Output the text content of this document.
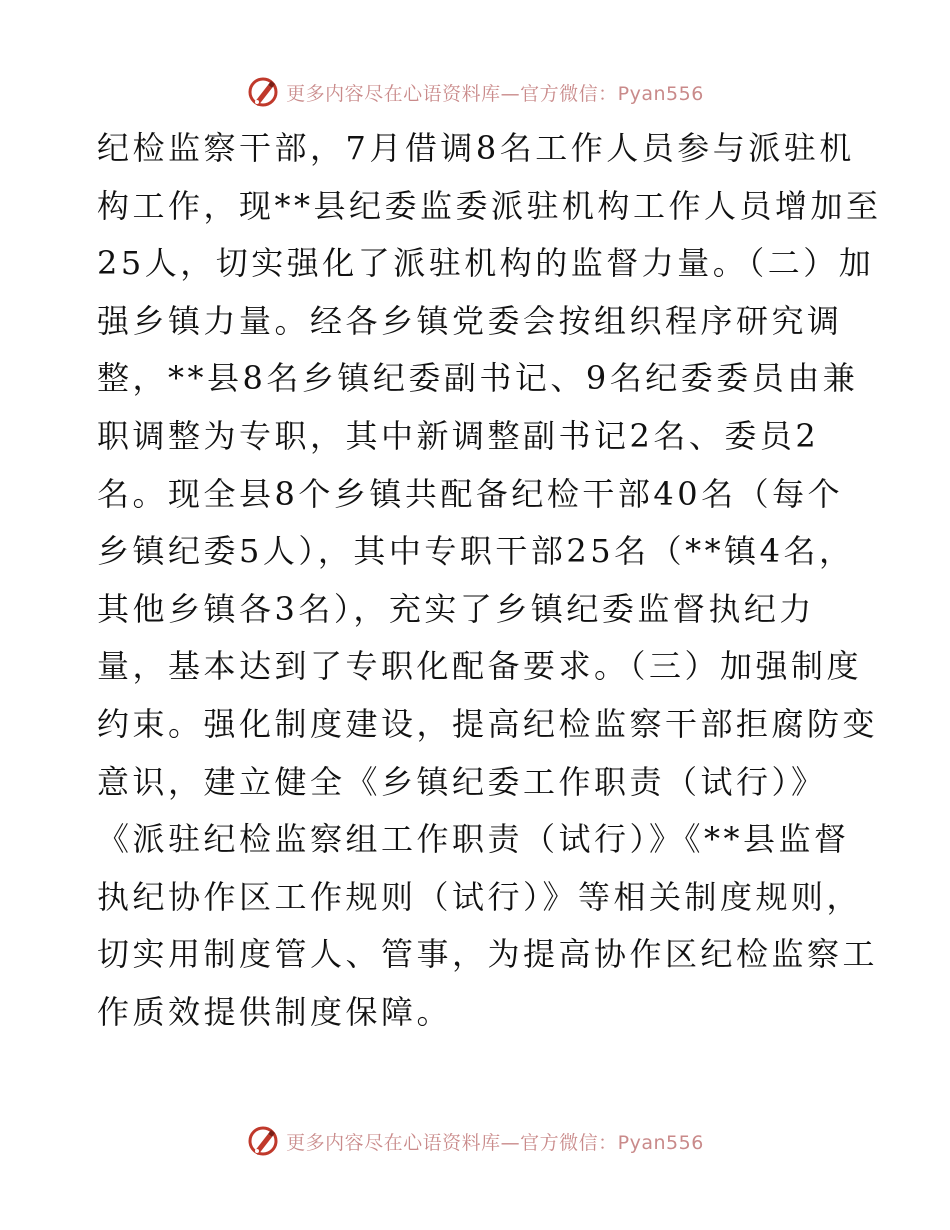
更多内容尽在心语资料库—官方微信：Pyan556
纪检监察干部，7月借调8名工作人员参与派驻机
构工作，现**县纪委监委派驻机构工作人员增加至
25人，切实强化了派驻机构的监督力量。（二）加
强乡镇力量。经各乡镇党委会按组织程序研究调
整，**县8名乡镇纪委副书记、9名纪委委员由兼
职调整为专职，其中新调整副书记2名、委员2
名。现全县8个乡镇共配备纪检干部40名（每个
乡镇纪委5人），其中专职干部25名（**镇4名，
其他乡镇各3名），充实了乡镇纪委监督执纪力
量，基本达到了专职化配备要求。（三）加强制度
约束。强化制度建设，提高纪检监察干部拒腐防变
意识，建立健全《乡镇纪委工作职责（试行）》
《派驻纪检监察组工作职责（试行）》《**县监督
执纪协作区工作规则（试行）》等相关制度规则，
切实用制度管人、管事，为提高协作区纪检监察工
作质效提供制度保障。
更多内容尽在心语资料库—官方微信：Pyan556
